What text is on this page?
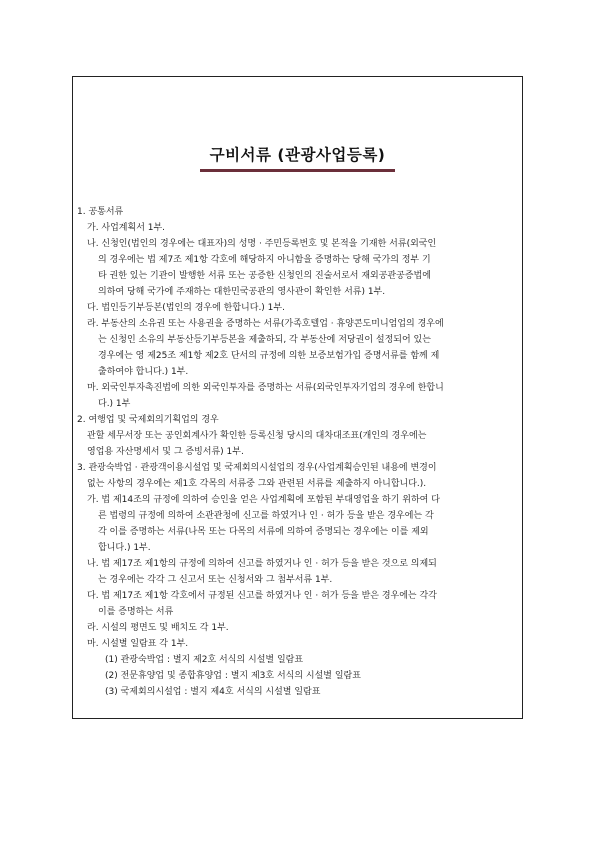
구비서류 (관광사업등록)
1. 공통서류
가. 사업계획서 1부.
나. 신청인(법인의 경우에는 대표자)의 성명 · 주민등록번호 및 본적을 기재한 서류(외국인
의 경우에는 법 제7조 제1항 각호에 해당하지 아니함을 증명하는 당해 국가의 정부 기
타 권한 있는 기관이 발행한 서류 또는 공증한 신청인의 진술서로서 재외공관공증법에
의하여 당해 국가에 주재하는 대한민국공관의 영사관이 확인한 서류) 1부.
다. 법인등기부등본(법인의 경우에 한합니다.) 1부.
라. 부동산의 소유권 또는 사용권을 증명하는 서류(가족호텔업 · 휴양콘도미니엄업의 경우에
는 신청인 소유의 부동산등기부등본을 제출하되, 각 부동산에 저당권이 설정되어 있는
경우에는 영 제25조 제1항 제2호 단서의 규정에 의한 보증보험가입 증명서류를 함께 제
출하여야 합니다.) 1부.
마. 외국인투자촉진법에 의한 외국인투자를 증명하는 서류(외국인투자기업의 경우에 한합니
다.) 1부
2. 여행업 및 국제회의기획업의 경우
관할 세무서장 또는 공인회계사가 확인한 등록신청 당시의 대차대조표(개인의 경우에는
영업용 자산명세서 및 그 증빙서류) 1부.
3. 관광숙박업 · 관광객이용시설업 및 국제회의시설업의 경우(사업계획승인된 내용에 변경이
없는 사항의 경우에는 제1호 각목의 서류중 그와 관련된 서류를 제출하지 아니합니다.).
가. 법 제14조의 규정에 의하여 승인을 얻은 사업계획에 포함된 부대영업을 하기 위하여 다
른 법령의 규정에 의하여 소관관청에 신고를 하였거나 인 · 허가 등을 받은 경우에는 각
각 이를 증명하는 서류(나목 또는 다목의 서류에 의하여 증명되는 경우에는 이를 제외
합니다.) 1부.
나. 법 제17조 제1항의 규정에 의하여 신고를 하였거나 인 · 허가 등을 받은 것으로 의제되
는 경우에는 각각 그 신고서 또는 신청서와 그 첨부서류 1부.
다. 법 제17조 제1항 각호에서 규정된 신고를 하였거나 인 · 허가 등을 받은 경우에는 각각
이를 증명하는 서류
라. 시설의 평면도 및 배치도 각 1부.
마. 시설별 일람표 각 1부.
(1) 관광숙박업 : 별지 제2호 서식의 시설별 일람표
(2) 전문휴양업 및 종합휴양업 : 별지 제3호 서식의 시설별 일람표
(3) 국제회의시설업 : 별지 제4호 서식의 시설별 일람표
